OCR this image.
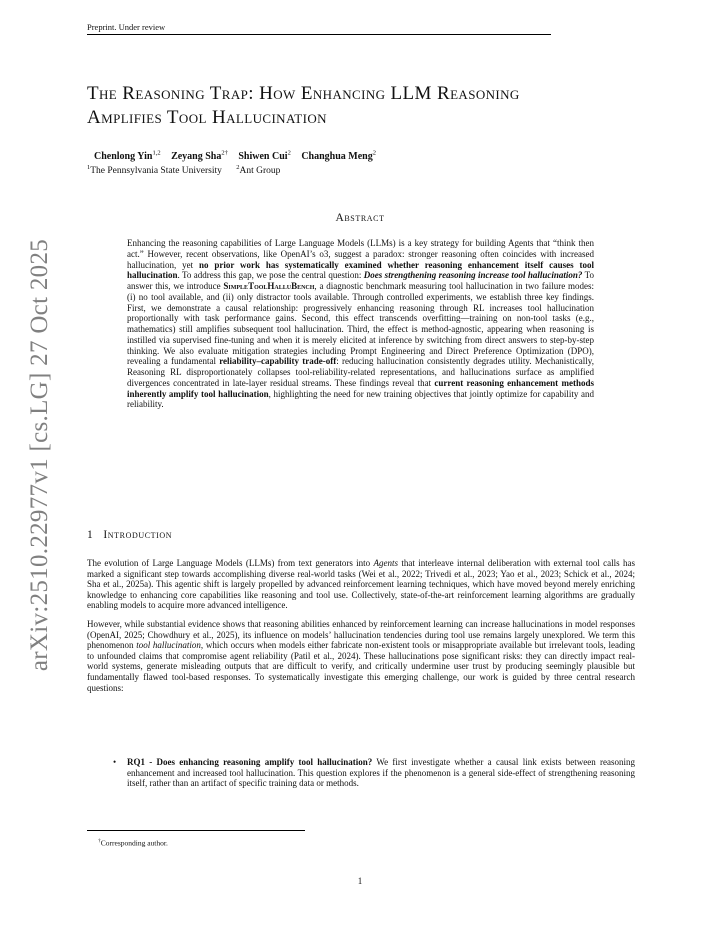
Preprint. Under review
arXiv:2510.22977v1 [cs.LG] 27 Oct 2025
The Reasoning Trap: How Enhancing LLM Reasoning
Amplifies Tool Hallucination
Chenlong Yin$^{1,2}$ Zeyang Sha$^{2\dagger}$ Shiwen Cui$^2$ Changhua Meng$^2$
$^1$The Pennsylvania State University $^2$Ant Group
Abstract
Enhancing the reasoning capabilities of Large Language Models (LLMs) is a key strategy for building Agents that “think then act.” However, recent observations, like OpenAI’s o3, suggest a paradox: stronger reasoning often coincides with increased hallucination, yet no prior work has systematically examined whether reasoning enhancement itself causes tool hallucination. To address this gap, we pose the central question: Does strengthening reasoning increase tool hallucination? To answer this, we introduce SimpleToolHalluBench, a diagnostic benchmark measuring tool hallucination in two failure modes: (i) no tool available, and (ii) only distractor tools available. Through controlled experiments, we establish three key findings. First, we demonstrate a causal relationship: progressively enhancing reasoning through RL increases tool hallucination proportionally with task performance gains. Second, this effect transcends overfitting—training on non-tool tasks (e.g., mathematics) still amplifies subsequent tool hallucination. Third, the effect is method-agnostic, appearing when reasoning is instilled via supervised fine-tuning and when it is merely elicited at inference by switching from direct answers to step-by-step thinking. We also evaluate mitigation strategies including Prompt Engineering and Direct Preference Optimization (DPO), revealing a fundamental reliability–capability trade-off: reducing hallucination consistently degrades utility. Mechanistically, Reasoning RL disproportionately collapses tool-reliability-related representations, and hallucinations surface as amplified divergences concentrated in late-layer residual streams. These findings reveal that current reasoning enhancement methods inherently amplify tool hallucination, highlighting the need for new training objectives that jointly optimize for capability and reliability.
1 Introduction
The evolution of Large Language Models (LLMs) from text generators into Agents that interleave internal deliberation with external tool calls has marked a significant step towards accomplishing diverse real-world tasks (Wei et al., 2022; Trivedi et al., 2023; Yao et al., 2023; Schick et al., 2024; Sha et al., 2025a). This agentic shift is largely propelled by advanced reinforcement learning techniques, which have moved beyond merely enriching knowledge to enhancing core capabilities like reasoning and tool use. Collectively, state-of-the-art reinforcement learning algorithms are gradually enabling models to acquire more advanced intelligence.
However, while substantial evidence shows that reasoning abilities enhanced by reinforcement learning can increase hallucinations in model responses (OpenAI, 2025; Chowdhury et al., 2025), its influence on models’ hallucination tendencies during tool use remains largely unexplored. We term this phenomenon tool hallucination, which occurs when models either fabricate non-existent tools or misappropriate available but irrelevant tools, leading to unfounded claims that compromise agent reliability (Patil et al., 2024). These hallucinations pose significant risks: they can directly impact real-world systems, generate misleading outputs that are difficult to verify, and critically undermine user trust by producing seemingly plausible but fundamentally flawed tool-based responses. To systematically investigate this emerging challenge, our work is guided by three central research questions:
• RQ1 - Does enhancing reasoning amplify tool hallucination? We first investigate whether a causal link exists between reasoning enhancement and increased tool hallucination. This question explores if the phenomenon is a general side-effect of strengthening reasoning itself, rather than an artifact of specific training data or methods.
†Corresponding author.
1
